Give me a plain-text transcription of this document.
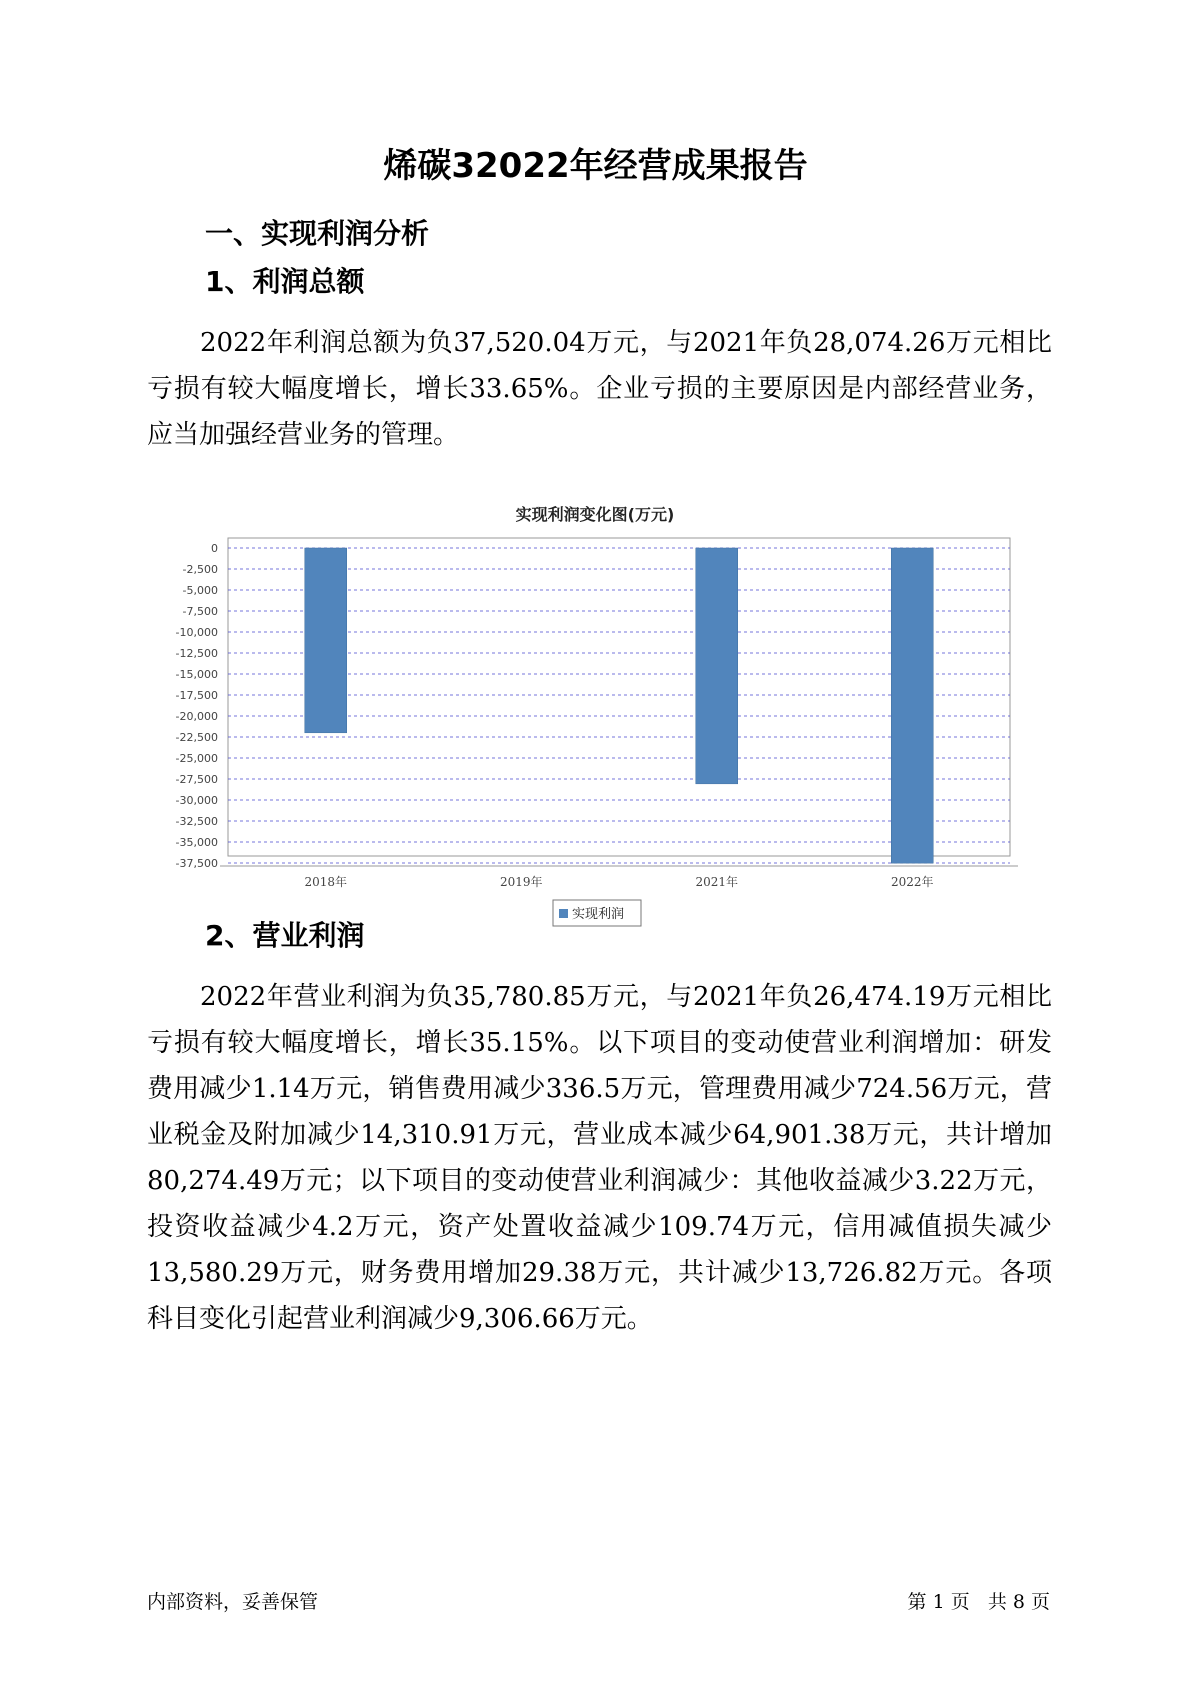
烯碳32022年经营成果报告
一、实现利润分析
1、利润总额

2022年利润总额为负37,520.04万元，与2021年负28,074.26万元相比亏损有较大幅度增长，增长33.65%。企业亏损的主要原因是内部经营业务，应当加强经营业务的管理。

实现利润变化图(万元)
0
-2,500
-5,000
-7,500
-10,000
-12,500
-15,000
-17,500
-20,000
-22,500
-25,000
-27,500
-30,000
-32,500
-35,000
-37,500
2018年	2019年	2021年	2022年
实现利润
2、营业利润

2022年营业利润为负35,780.85万元，与2021年负26,474.19万元相比亏损有较大幅度增长，增长35.15%。以下项目的变动使营业利润增加：研发费用减少1.14万元，销售费用减少336.5万元，管理费用减少724.56万元，营业税金及附加减少14,310.91万元，营业成本减少64,901.38万元，共计增加80,274.49万元；以下项目的变动使营业利润减少：其他收益减少3.22万元，投资收益减少4.2万元，资产处置收益减少109.74万元，信用减值损失减少13,580.29万元，财务费用增加29.38万元，共计减少13,726.82万元。各项科目变化引起营业利润减少9,306.66万元。

内部资料，妥善保管	第 1 页   共 8 页
